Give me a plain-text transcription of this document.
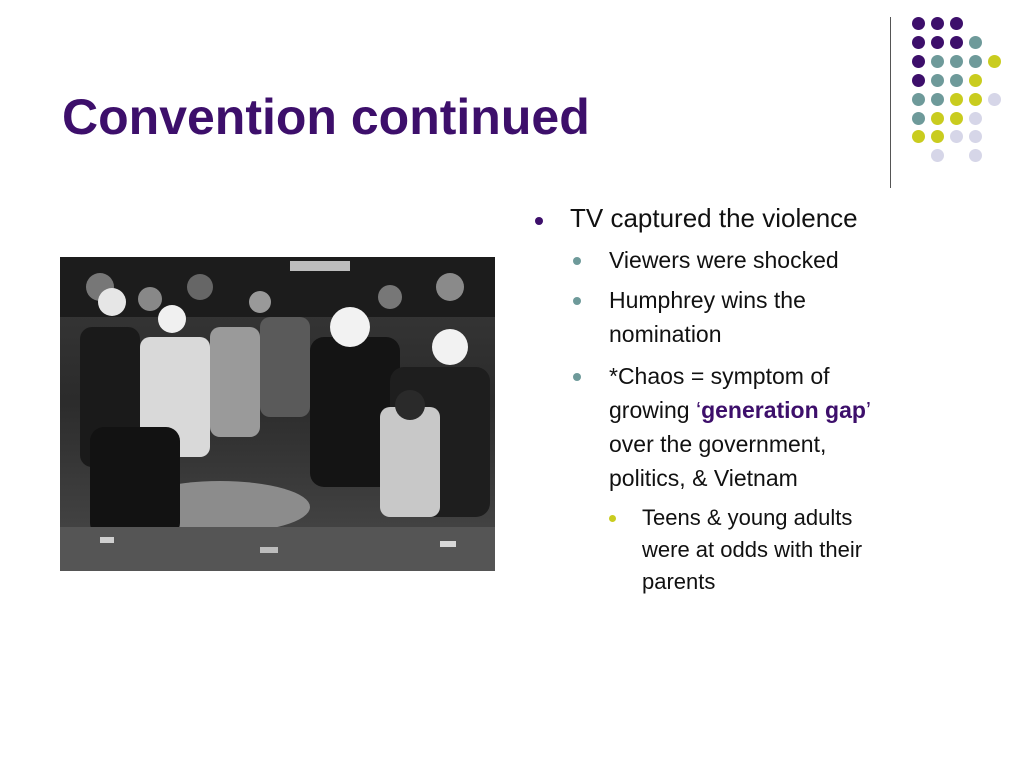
Convention continued

TV captured the violence

Viewers were shocked

Humphrey wins the

nomination

*Chaos = symptom of

growing ‘generation gap’

over the government,

politics, & Vietnam

Teens & young adults

were at odds with their

parents
